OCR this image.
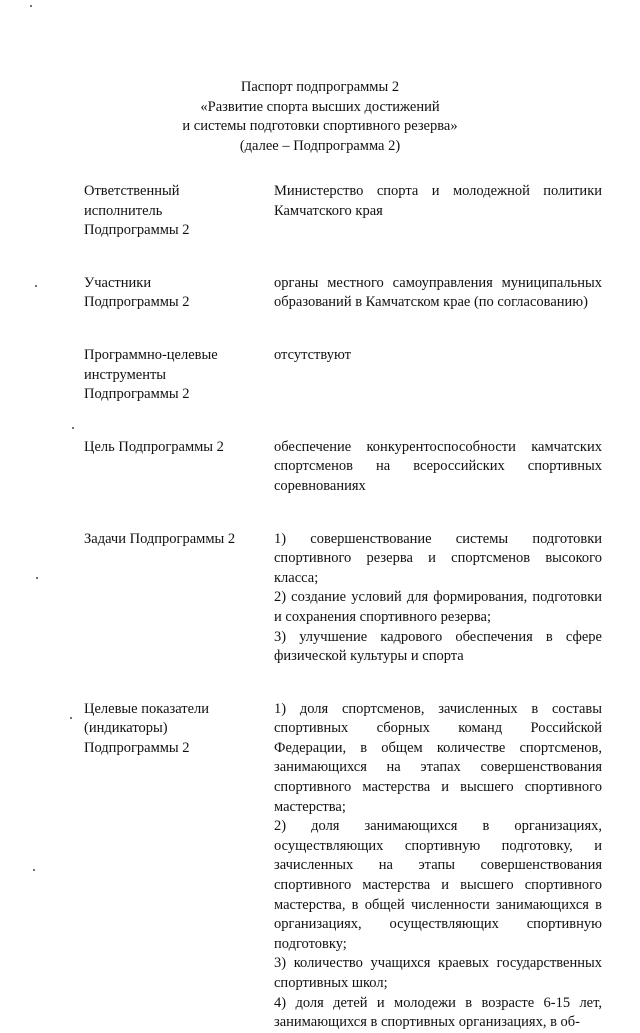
Паспорт подпрограммы 2
«Развитие спорта высших достижений
и системы подготовки спортивного резерва»
(далее – Подпрограмма 2)

Ответственный

исполнитель

Подпрограммы 2

Министерство спорта и молодежной политики Камчатского края

Участники

Подпрограммы 2

органы местного самоуправления муниципальных образований в Камчатском крае (по согласованию)

Программно-целевые

инструменты

Подпрограммы 2

отсутствуют

Цель Подпрограммы 2	обеспечение конкурентоспособности камчатских спортсменов на всероссийских спортивных соревнованиях

Задачи Подпрограммы 2	1) совершенствование системы подготовки спортивного резерва и спортсменов высокого класса;

2) создание условий для формирования, подготовки и сохранения спортивного резерва;

3) улучшение кадрового обеспечения в сфере физической культуры и спорта

Целевые показатели

(индикаторы)

Подпрограммы 2

1) доля спортсменов, зачисленных в составы спортивных сборных команд Российской Федерации, в общем количестве спортсменов, занимающихся на этапах совершенствования спортивного мастерства и высшего спортивного мастерства;

2) доля занимающихся в организациях, осуществляющих спортивную подготовку, и зачисленных на этапы совершенствования спортивного мастерства и высшего спортивного мастерства, в общей численности занимающихся в организациях, осуществляющих спортивную подготовку;

3) количество учащихся краевых государственных спортивных школ;

4) доля детей и молодежи в возрасте 6-15 лет, занимающихся в спортивных организациях, в об-
